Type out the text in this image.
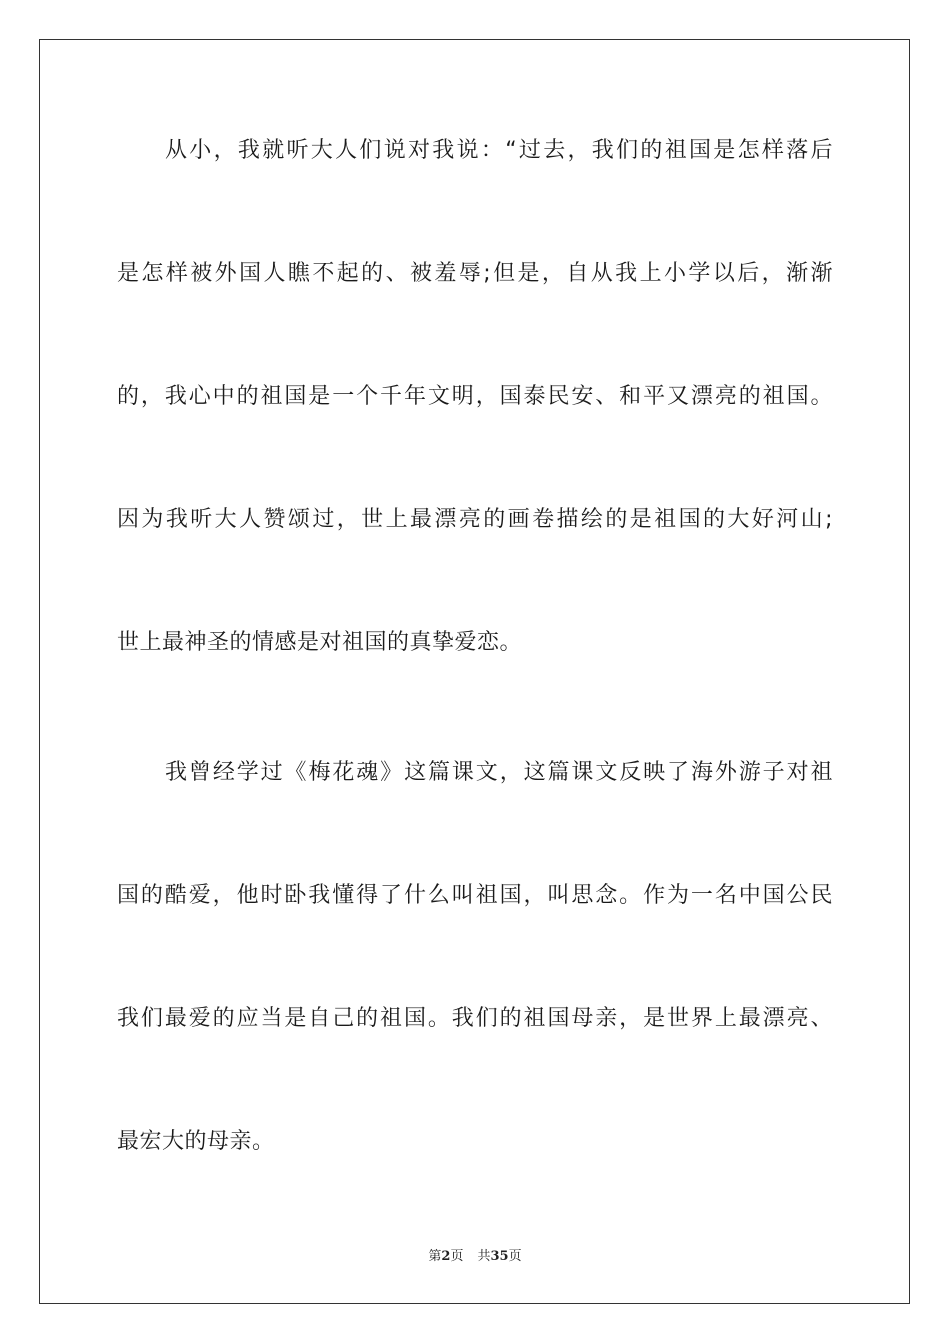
从小，我就听大人们说对我说：“过去，我们的祖国是怎样落后
是怎样被外国人瞧不起的、被羞辱;但是，自从我上小学以后，渐渐
的，我心中的祖国是一个千年文明，国泰民安、和平又漂亮的祖国。
因为我听大人赞颂过，世上最漂亮的画卷描绘的是祖国的大好河山;
世上最神圣的情感是对祖国的真挚爱恋。
我曾经学过《梅花魂》这篇课文，这篇课文反映了海外游子对祖
国的酷爱，他时卧我懂得了什么叫祖国，叫思念。作为一名中国公民
我们最爱的应当是自己的祖国。我们的祖国母亲，是世界上最漂亮、
最宏大的母亲。
第2页 共35页
